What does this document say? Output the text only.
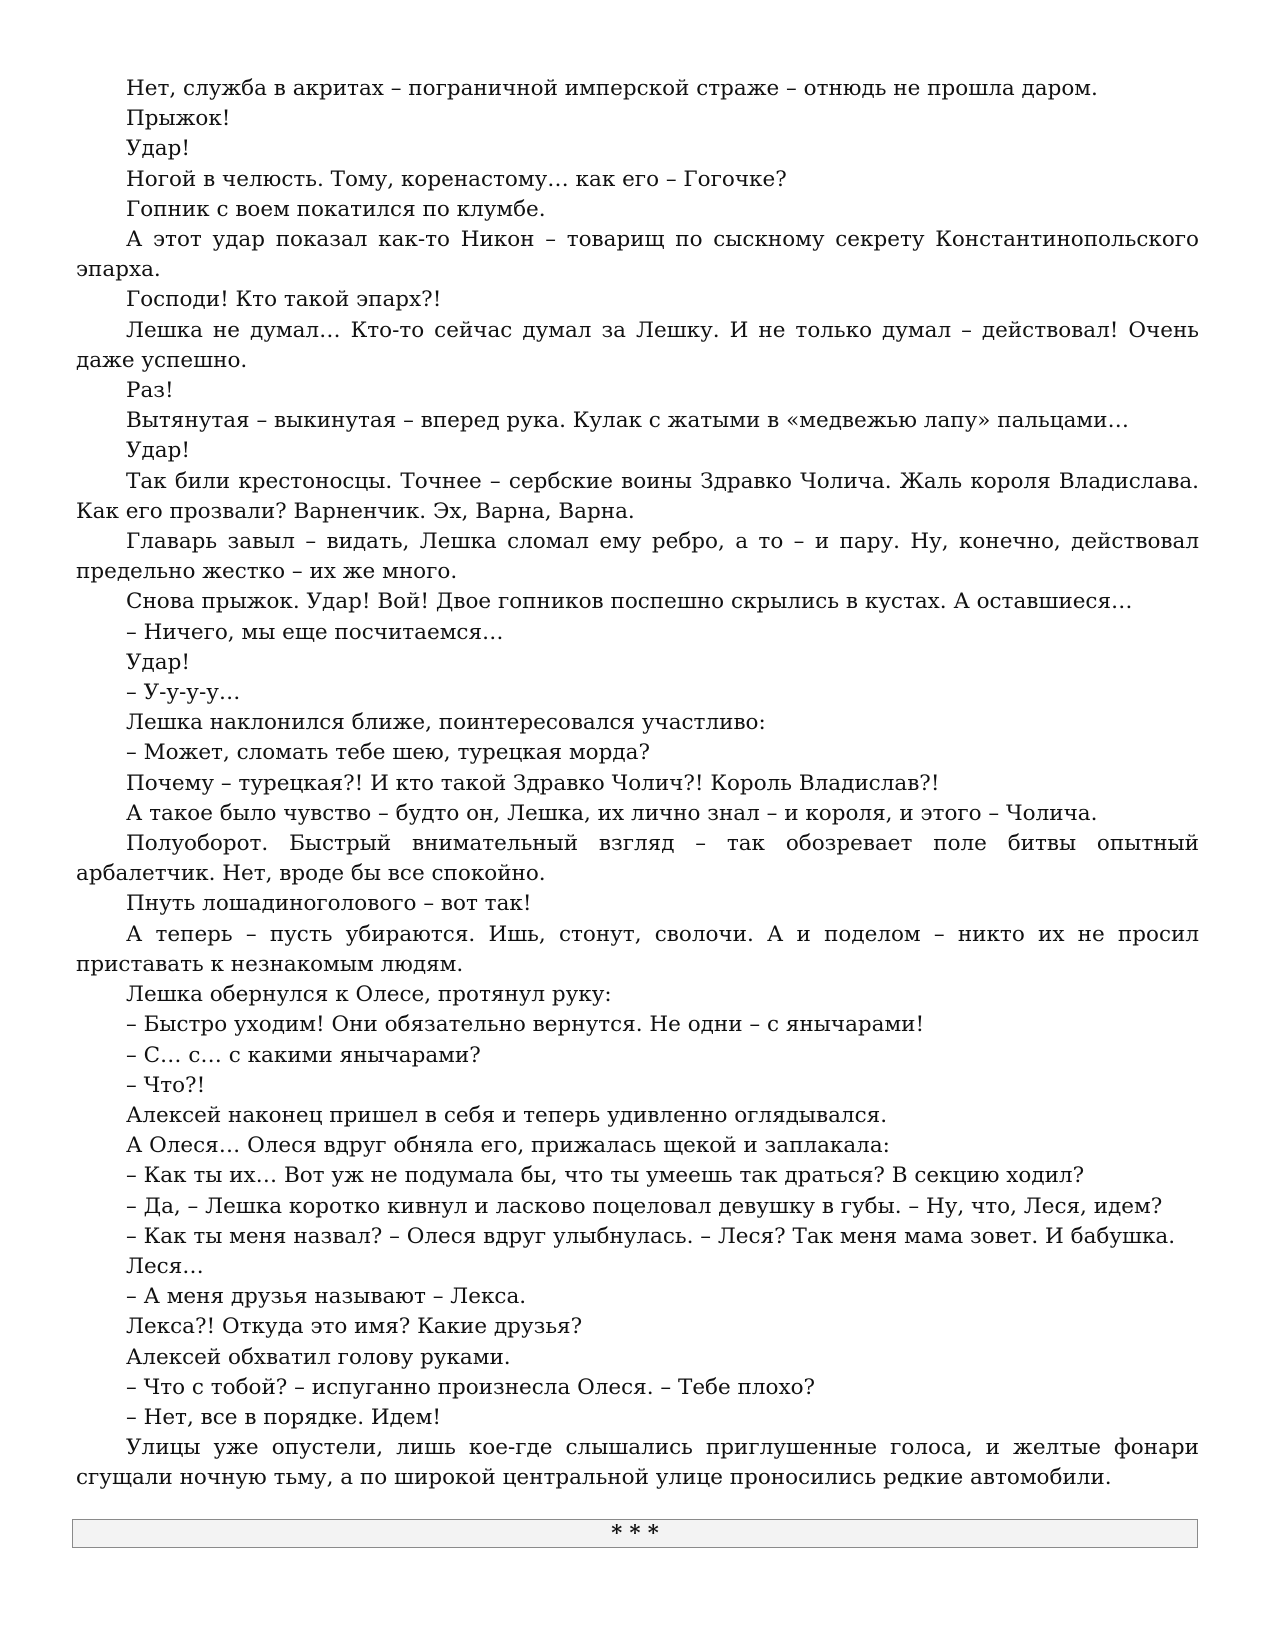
Нет, служба в акритах – пограничной имперской страже – отнюдь не прошла даром.

Прыжок!

Удар!

Ногой в челюсть. Тому, коренастому… как его – Гогочке?

Гопник с воем покатился по клумбе.

А этот удар показал как-то Никон – товарищ по сыскному секрету Константинопольского эпарха.

Господи! Кто такой эпарх?!

Лешка не думал… Кто-то сейчас думал за Лешку. И не только думал – действовал! Очень даже успешно.

Раз!

Вытянутая – выкинутая – вперед рука. Кулак с жатыми в «медвежью лапу» пальцами…

Удар!

Так били крестоносцы. Точнее – сербские воины Здравко Чолича. Жаль короля Владислава. Как его прозвали? Варненчик. Эх, Варна, Варна.

Главарь завыл – видать, Лешка сломал ему ребро, а то – и пару. Ну, конечно, действовал предельно жестко – их же много.

Снова прыжок. Удар! Вой! Двое гопников поспешно скрылись в кустах. А оставшиеся…

– Ничего, мы еще посчитаемся…

Удар!

– У-у-у-у…

Лешка наклонился ближе, поинтересовался участливо:

– Может, сломать тебе шею, турецкая морда?

Почему – турецкая?! И кто такой Здравко Чолич?! Король Владислав?!

А такое было чувство – будто он, Лешка, их лично знал – и короля, и этого – Чолича.

Полуоборот. Быстрый внимательный взгляд – так обозревает поле битвы опытный арбалетчик. Нет, вроде бы все спокойно.

Пнуть лошадиноголового – вот так!

А теперь – пусть убираются. Ишь, стонут, сволочи. А и поделом – никто их не просил приставать к незнакомым людям.

Лешка обернулся к Олесе, протянул руку:

– Быстро уходим! Они обязательно вернутся. Не одни – с янычарами!

– С… с… с какими янычарами?

– Что?!

Алексей наконец пришел в себя и теперь удивленно оглядывался.

А Олеся… Олеся вдруг обняла его, прижалась щекой и заплакала:

– Как ты их… Вот уж не подумала бы, что ты умеешь так драться? В секцию ходил?

– Да, – Лешка коротко кивнул и ласково поцеловал девушку в губы. – Ну, что, Леся, идем?

– Как ты меня назвал? – Олеся вдруг улыбнулась. – Леся? Так меня мама зовет. И бабушка.

Леся…

– А меня друзья называют – Лекса.

Лекса?! Откуда это имя? Какие друзья?

Алексей обхватил голову руками.

– Что с тобой? – испуганно произнесла Олеся. – Тебе плохо?

– Нет, все в порядке. Идем!

Улицы уже опустели, лишь кое-где слышались приглушенные голоса, и желтые фонари сгущали ночную тьму, а по широкой центральной улице проносились редкие автомобили.

* * *
